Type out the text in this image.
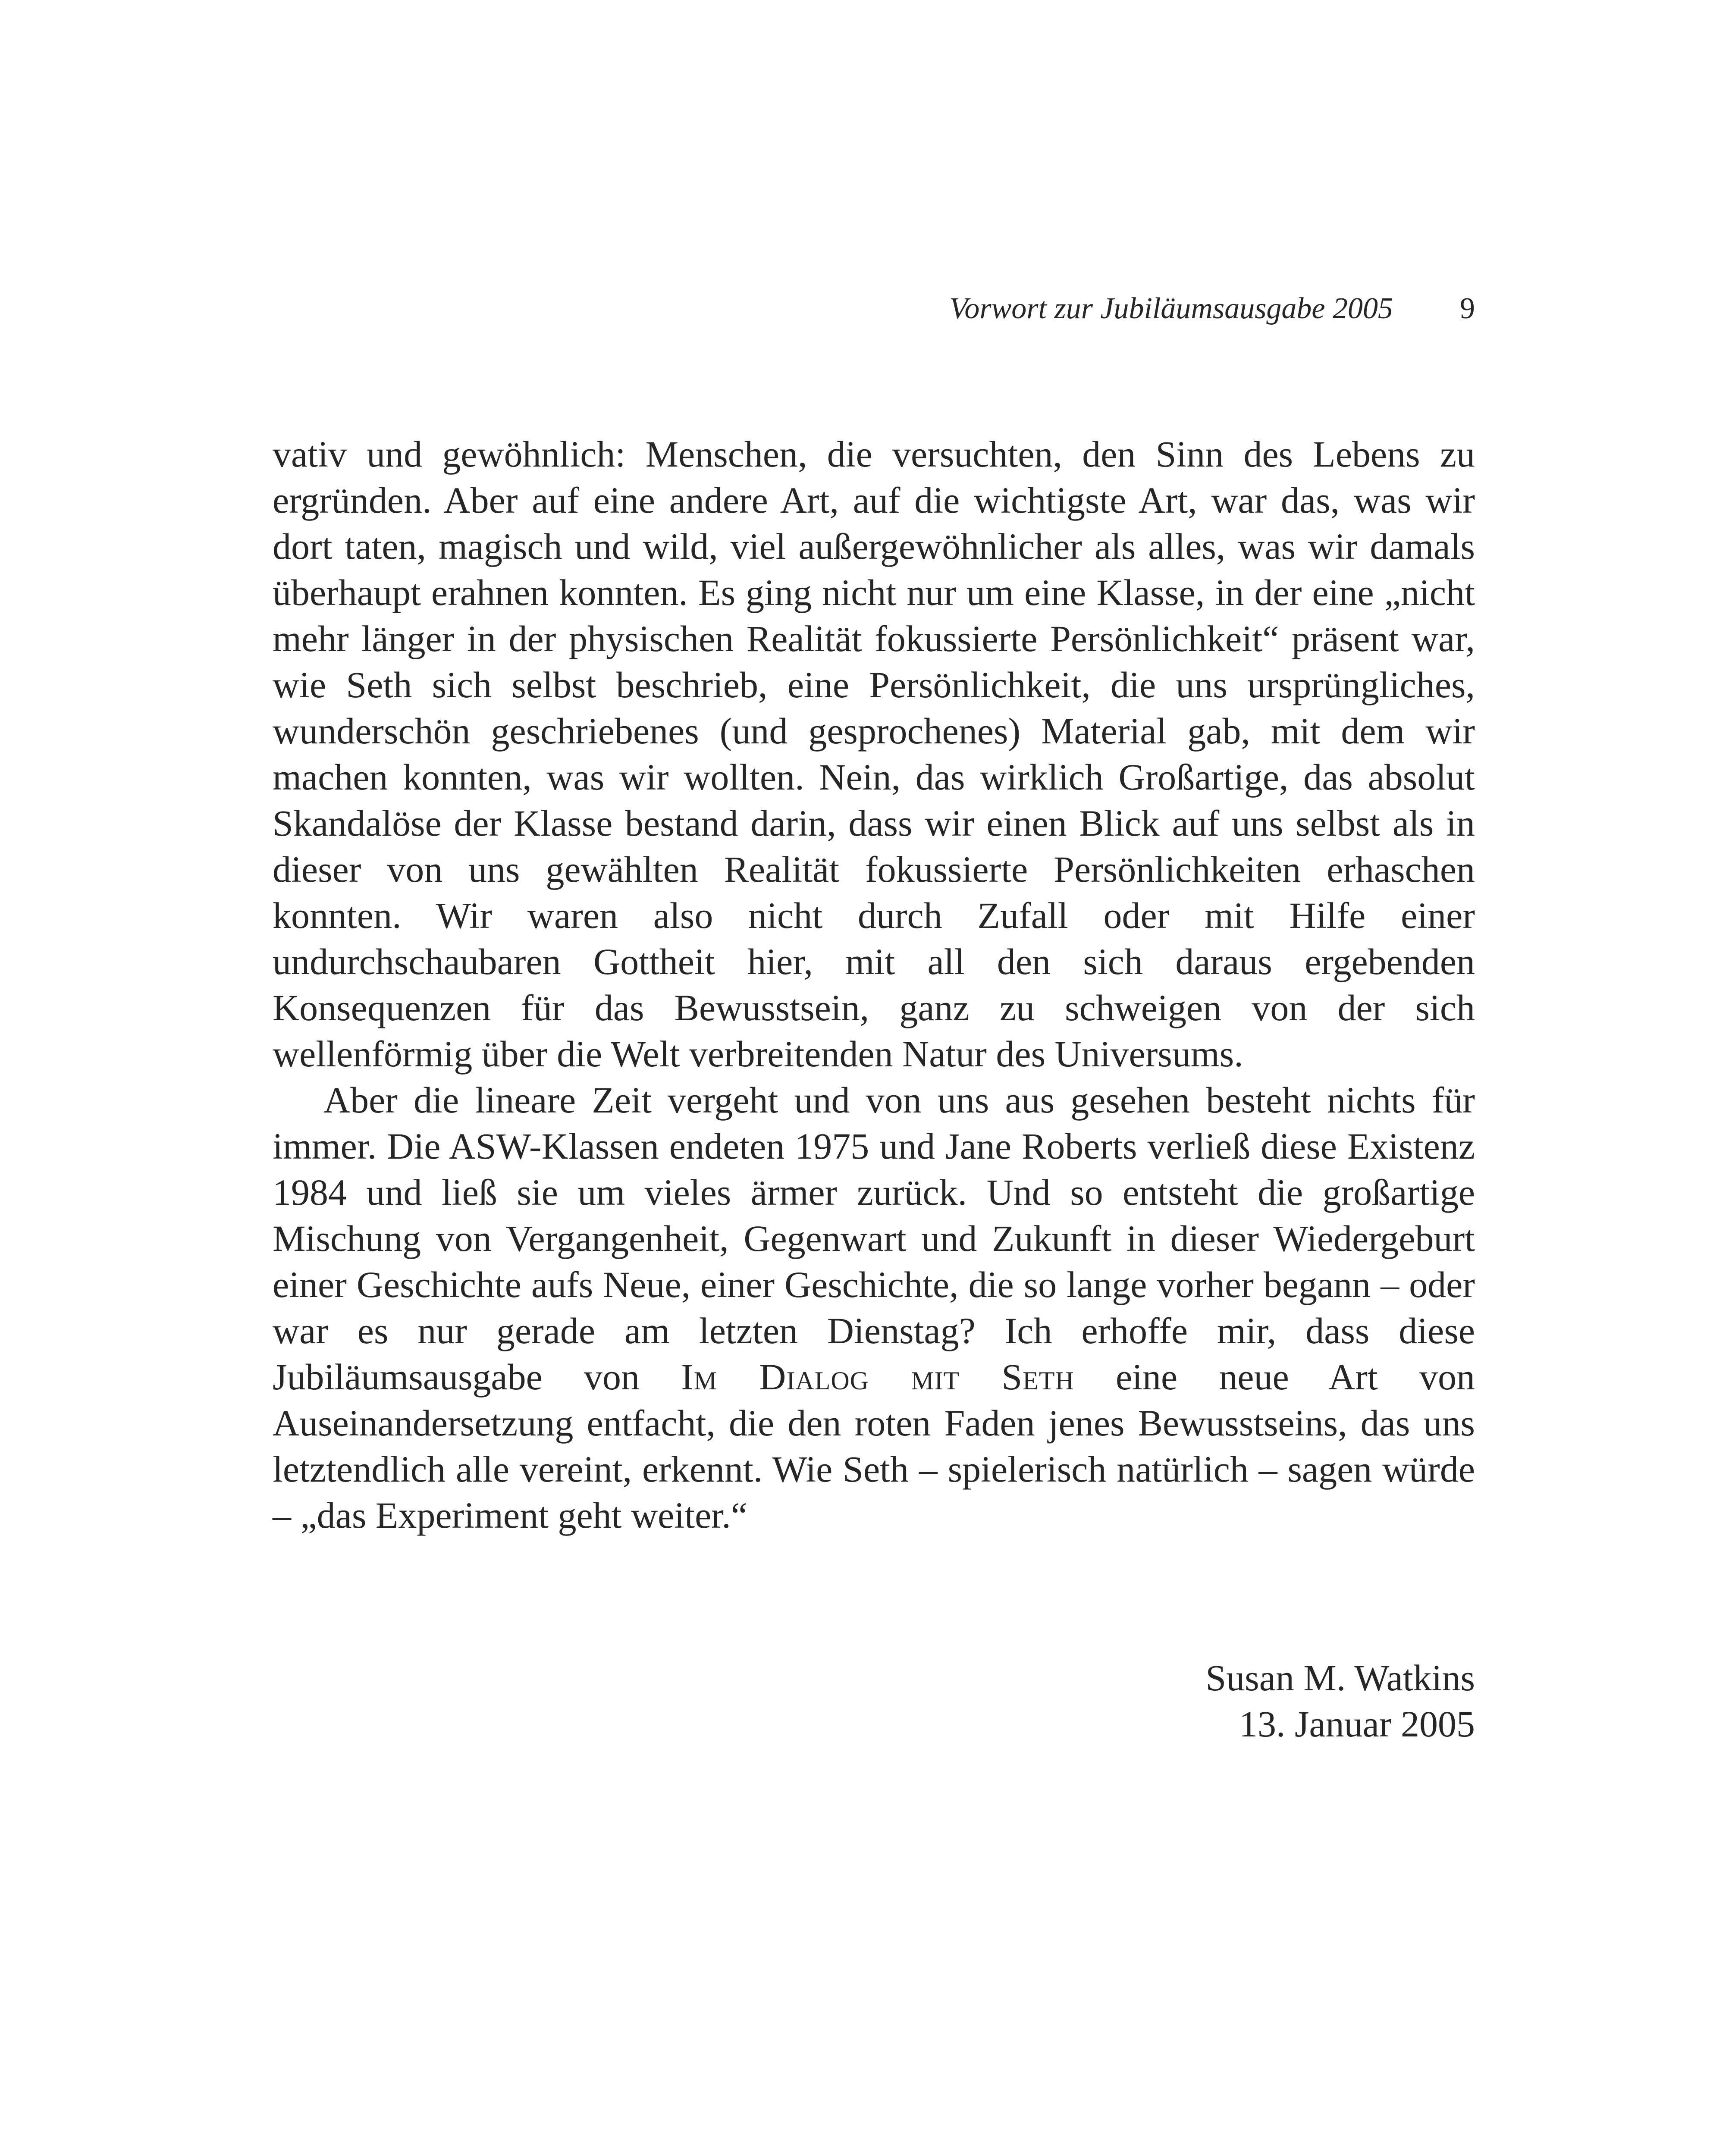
Vorwort zur Jubiläumsausgabe 2005 9

vativ und gewöhnlich: Menschen, die versuchten, den Sinn des Lebens zu ergründen. Aber auf eine andere Art, auf die wichtigste Art, war das, was wir dort taten, magisch und wild, viel außergewöhnlicher als alles, was wir damals überhaupt erahnen konnten. Es ging nicht nur um eine Klasse, in der eine „nicht mehr länger in der physischen Realität fokussierte Persönlichkeit“ präsent war, wie Seth sich selbst beschrieb, eine Persönlichkeit, die uns ursprüngliches, wunderschön geschriebenes (und gesprochenes) Material gab, mit dem wir machen konnten, was wir wollten. Nein, das wirklich Großartige, das absolut Skandalöse der Klasse bestand darin, dass wir einen Blick auf uns selbst als in dieser von uns gewählten Realität fokussierte Persönlichkeiten erhaschen konnten. Wir waren also nicht durch Zufall oder mit Hilfe einer undurchschaubaren Gottheit hier, mit all den sich daraus ergebenden Konsequenzen für das Bewusstsein, ganz zu schweigen von der sich wellenförmig über die Welt verbreitenden Natur des Universums.

Aber die lineare Zeit vergeht und von uns aus gesehen besteht nichts für immer. Die ASW-Klassen endeten 1975 und Jane Roberts verließ diese Existenz 1984 und ließ sie um vieles ärmer zurück. Und so entsteht die großartige Mischung von Vergangenheit, Gegenwart und Zukunft in dieser Wiedergeburt einer Geschichte aufs Neue, einer Geschichte, die so lange vorher begann – oder war es nur gerade am letzten Dienstag? Ich erhoffe mir, dass diese Jubiläumsausgabe von Im Dialog mit Seth eine neue Art von Auseinandersetzung entfacht, die den roten Faden jenes Bewusstseins, das uns letztendlich alle vereint, erkennt. Wie Seth – spielerisch natürlich – sagen würde – „das Experiment geht weiter.“

Susan M. Watkins
13. Januar 2005
